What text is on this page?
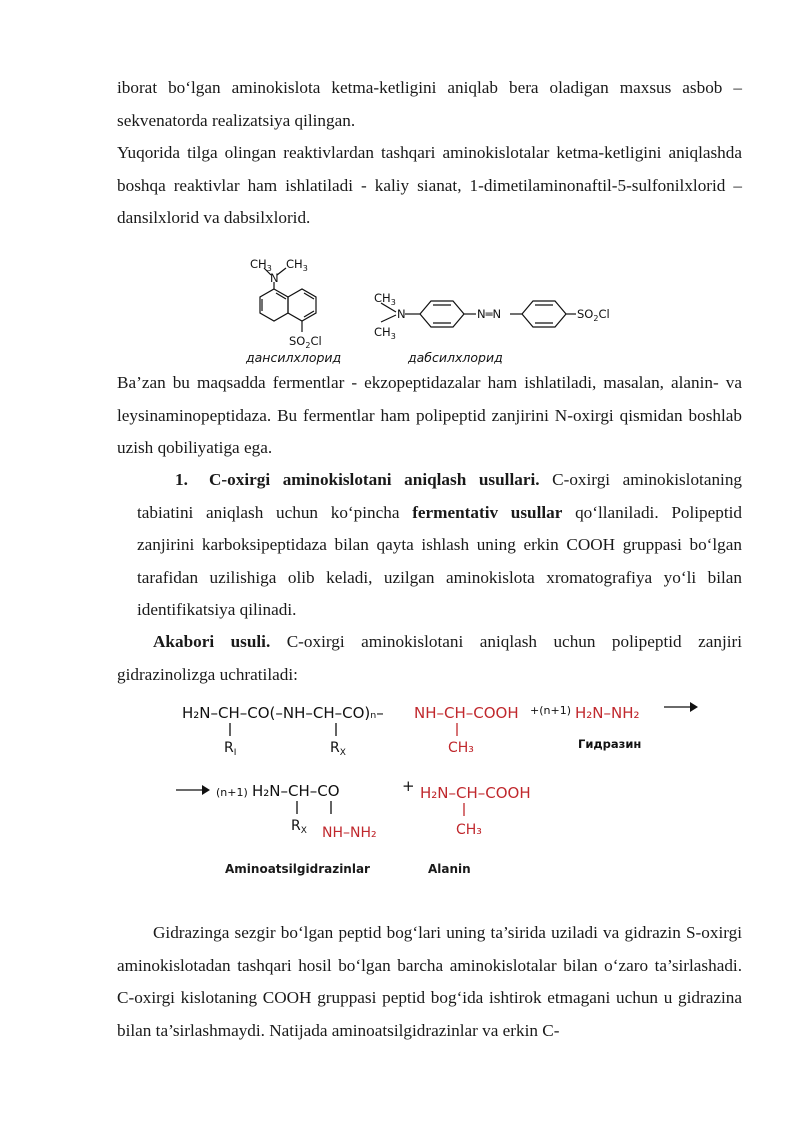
iborat bo‘lgan aminokislota ketma-ketligini aniqlab bera oladigan maxsus asbob – sekvenatorda realizatsiya qilingan.

Yuqorida tilga olingan reaktivlardan tashqari aminokislotalar ketma-ketligini aniqlashda boshqa reaktivlar ham ishlatiladi - kaliy sianat, 1-dimetilaminonaftil-5-sulfonilxlorid – dansilxlorid va dabsilxlorid.

$CH_3$ $CH_3$
N
$SO_2Cl$
$CH_3$
N
$CH_3$
N═N	$SO_2Cl$
дансилхлорид	дабсилхлорид

Ba’zan bu maqsadda fermentlar - ekzopeptidazalar ham ishlatiladi, masalan, alanin- va leysinaminopeptidaza. Bu fermentlar ham polipeptid zanjirini N-oxirgi qismidan boshlab uzish qobiliyatiga ega.

1.	C-oxirgi aminokislotani aniqlash usullari. C-oxirgi aminokislotaning tabiatini aniqlash uchun ko‘pincha fermentativ usullar qo‘llaniladi. Polipeptid zanjirini karboksipeptidaza bilan qayta ishlash uning erkin COOH gruppasi bo‘lgan tarafidan uzilishiga olib keladi, uzilgan aminokislota xromatografiya yo‘li bilan identifikatsiya qilinadi.

Akabori usuli. C-oxirgi aminokislotani aniqlash uchun polipeptid zanjiri gidrazinolizga uchratiladi:

H₂N–CH–CO(–NH–CH–CO)ₙ– NH–CH–COOH +(n+1) H₂N–NH₂
$R_I$	$R_X$	CH₃	Гидразин
(n+1) H₂N–CH–CO	+ H₂N–CH–COOH
$R_X$ NH–NH₂	CH₃
Aminoatsilgidrazinlar	Alanin

Gidrazinga sezgir bo‘lgan peptid bog‘lari uning ta’sirida uziladi va gidrazin S-oxirgi aminokislotadan tashqari hosil bo‘lgan barcha aminokislotalar bilan o‘zaro ta’sirlashadi. C-oxirgi kislotaning COOH gruppasi peptid bog‘ida ishtirok etmagani uchun u gidrazina bilan ta’sirlashmaydi. Natijada aminoatsilgidrazinlar va erkin C-
